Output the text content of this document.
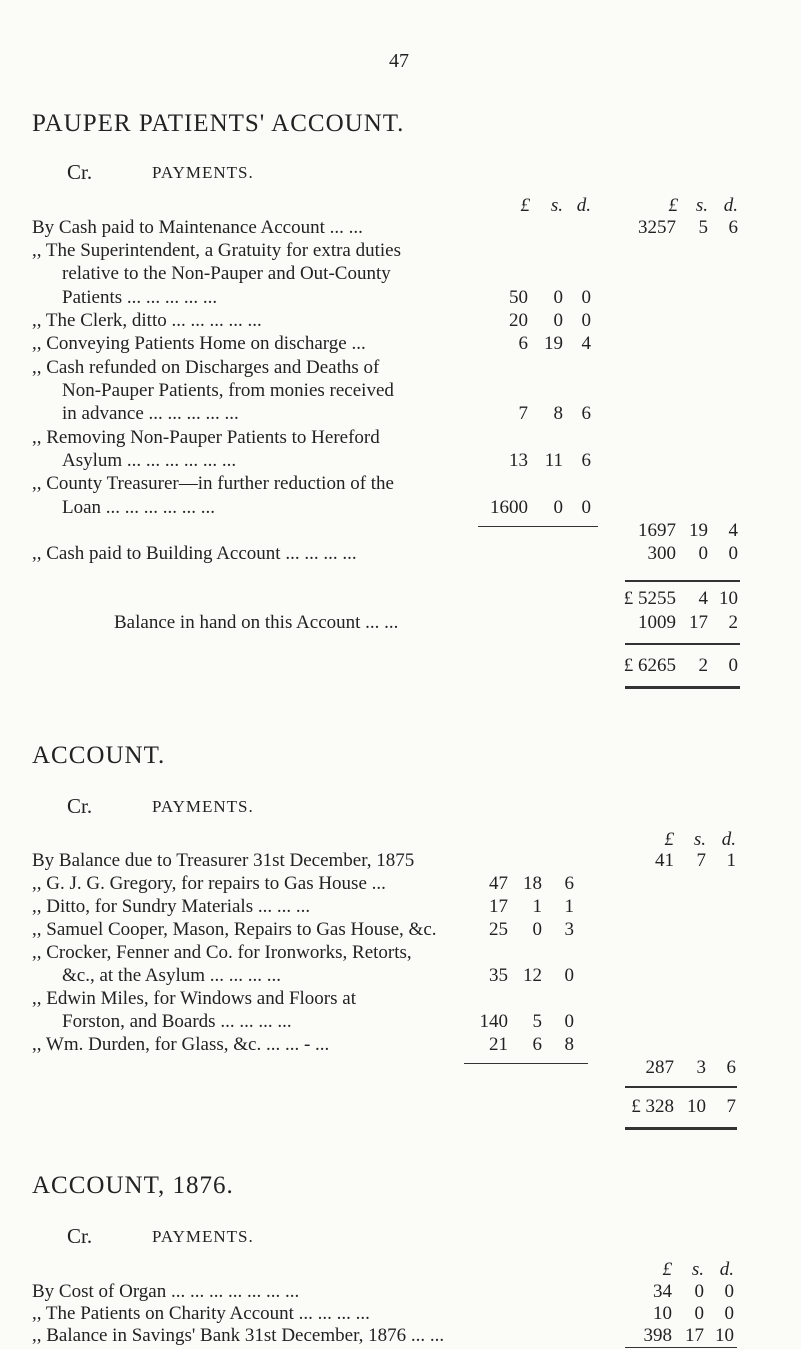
47
PAUPER PATIENTS' ACCOUNT.
Cr.	PAYMENTS.
£	s. d.	£ s. d.
By Cash paid to Maintenance Account ... ...	3257	5	6
,, The Superintendent, a Gratuity for extra duties
relative to the Non-Pauper and Out-County
Patients ... ... ... ... ...	50	0 0
,, The Clerk, ditto ... ... ... ... ...	20	0 0
,, Conveying Patients Home on discharge ...	6 19 4
,, Cash refunded on Discharges and Deaths of
Non-Pauper Patients, from monies received
in advance ... ... ... ... ...	7	8 6
,, Removing Non-Pauper Patients to Hereford
Asylum ... ... ... ... ... ...	13 11 6
,, County Treasurer—in further reduction of the
Loan ... ... ... ... ... ...	1600	0 0
1697 19	4
,, Cash paid to Building Account ... ... ... ...	300	0	0
£ 5255	4 10
Balance in hand on this Account ... ...	1009 17	2
£ 6265	2	0
ACCOUNT.
Cr.	PAYMENTS.
£	s. d.
By Balance due to Treasurer 31st December, 1875	41	7	1
,, G. J. G. Gregory, for repairs to Gas House ...	47 18	6
,, Ditto, for Sundry Materials ... ... ...	17	1	1
,, Samuel Cooper, Mason, Repairs to Gas House, &c.	25	0	3
,, Crocker, Fenner and Co. for Ironworks, Retorts,
&c., at the Asylum ... ... ... ...	35 12	0
,, Edwin Miles, for Windows and Floors at
Forston, and Boards ... ... ... ...	140	5	0
,, Wm. Durden, for Glass, &c. ... ... - ...	21	6	8
287	3	6
£ 328 10	7
ACCOUNT, 1876.
Cr.	PAYMENTS.
£	s. d.
By Cost of Organ ... ... ... ... ... ... ...	34	0	0
,, The Patients on Charity Account ... ... ... ...	10	0	0
,, Balance in Savings' Bank 31st December, 1876 ... ...	398 17 10
